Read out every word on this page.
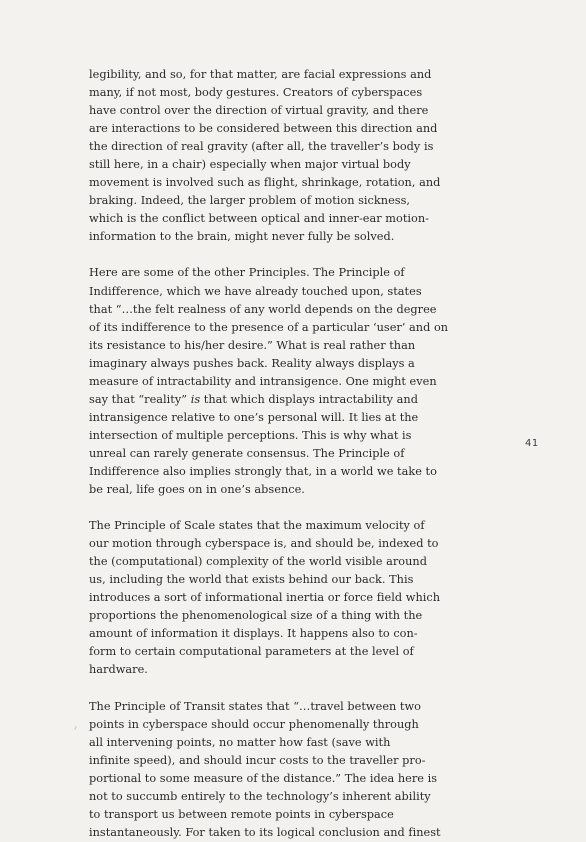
legibility, and so, for that matter, are facial expressions and
many, if not most, body gestures. Creators of cyberspaces
have control over the direction of virtual gravity, and there
are interactions to be considered between this direction and
the direction of real gravity (after all, the traveller’s body is
still here, in a chair) especially when major virtual body
movement is involved such as flight, shrinkage, rotation, and
braking. Indeed, the larger problem of motion sickness,
which is the conflict between optical and inner-ear motion-
information to the brain, might never fully be solved.

Here are some of the other Principles. The Principle of
Indifference, which we have already touched upon, states
that “…the felt realness of any world depends on the degree
of its indifference to the presence of a particular ‘user’ and on
its resistance to his/her desire.” What is real rather than
imaginary always pushes back. Reality always displays a
measure of intractability and intransigence. One might even
say that “reality” is that which displays intractability and
intransigence relative to one’s personal will. It lies at the
intersection of multiple perceptions. This is why what is
unreal can rarely generate consensus. The Principle of
Indifference also implies strongly that, in a world we take to
be real, life goes on in one’s absence.

The Principle of Scale states that the maximum velocity of
our motion through cyberspace is, and should be, indexed to
the (computational) complexity of the world visible around
us, including the world that exists behind our back. This
introduces a sort of informational inertia or force field which
proportions the phenomenological size of a thing with the
amount of information it displays. It happens also to con-
form to certain computational parameters at the level of
hardware.

The Principle of Transit states that “…travel between two
points in cyberspace should occur phenomenally through
all intervening points, no matter how fast (save with
infinite speed), and should incur costs to the traveller pro-
portional to some measure of the distance.” The idea here is
not to succumb entirely to the technology’s inherent ability
to transport us between remote points in cyberspace
instantaneously. For taken to its logical conclusion and finest

41
